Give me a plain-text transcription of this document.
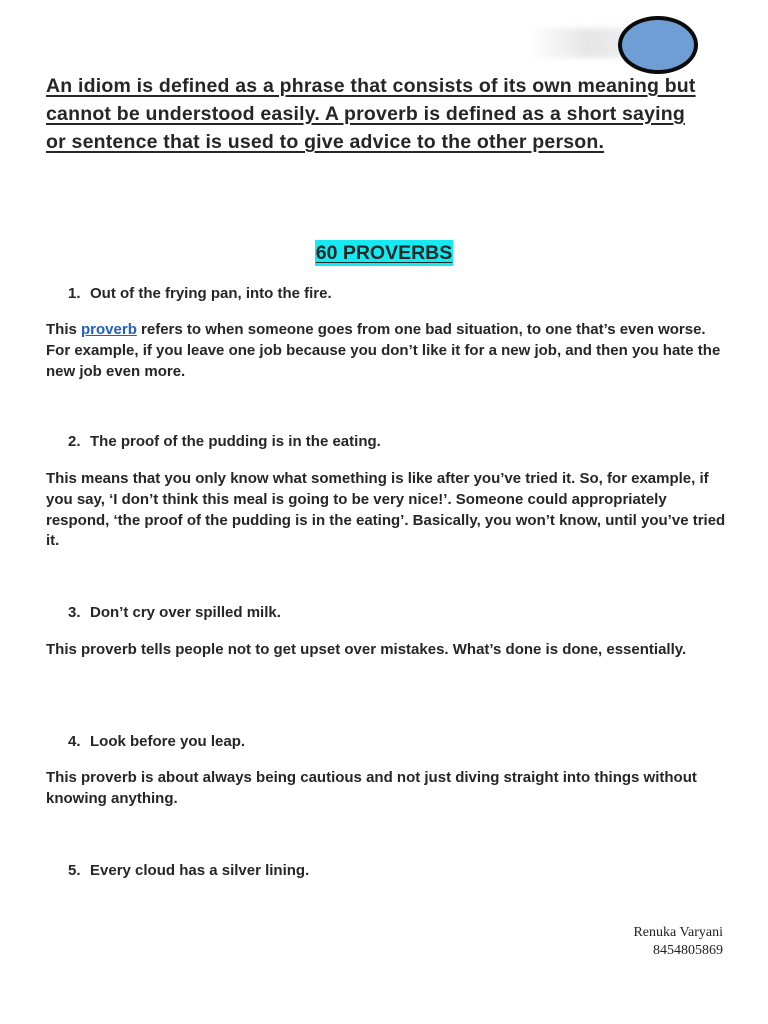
An idiom is defined as a phrase that consists of its own meaning but cannot be understood easily. A proverb is defined as a short saying or sentence that is used to give advice to the other person.

60 PROVERBS

1. Out of the frying pan, into the fire.

This proverb refers to when someone goes from one bad situation, to one that’s even worse. For example, if you leave one job because you don’t like it for a new job, and then you hate the new job even more.

2. The proof of the pudding is in the eating.

This means that you only know what something is like after you’ve tried it. So, for example, if you say, ‘I don’t think this meal is going to be very nice!’. Someone could appropriately respond, ‘the proof of the pudding is in the eating’. Basically, you won’t know, until you’ve tried it.

3. Don’t cry over spilled milk.

This proverb tells people not to get upset over mistakes. What’s done is done, essentially.

4. Look before you leap.

This proverb is about always being cautious and not just diving straight into things without knowing anything.

5. Every cloud has a silver lining.

Renuka Varyani
8454805869
